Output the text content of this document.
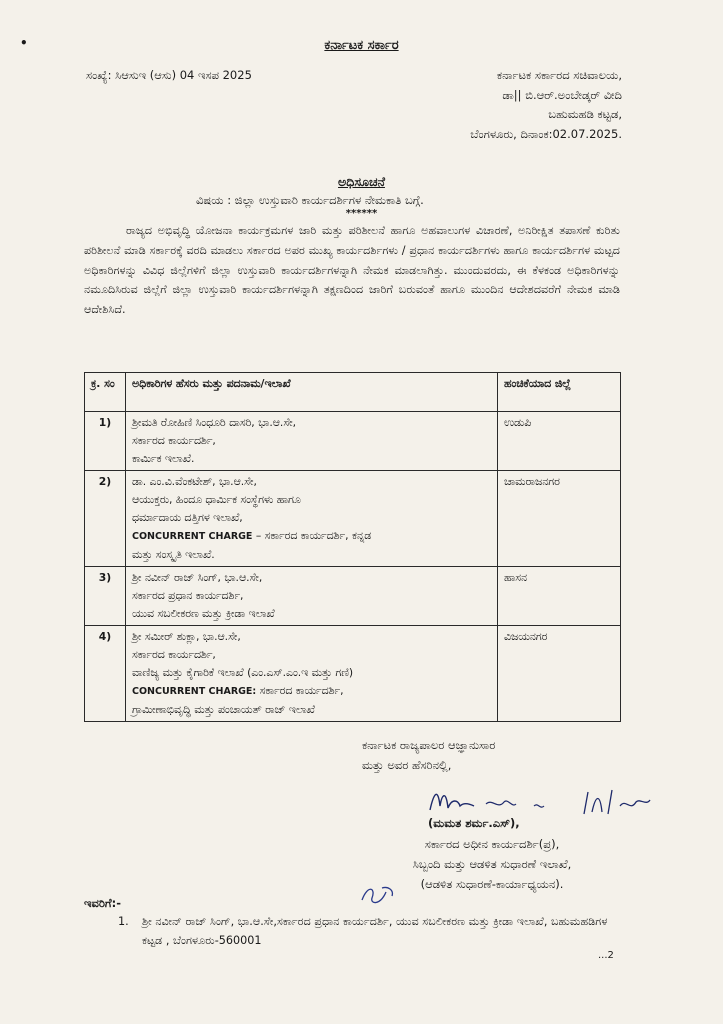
•	ಕರ್ನಾಟಕ ಸರ್ಕಾರ
ಸಂಖ್ಯೆ: ಸಿಆಸುಇ (ಆಸು) 04 ಇಸಪ 2025	ಕರ್ನಾಟಕ ಸರ್ಕಾರದ ಸಚಿವಾಲಯ,
ಡಾ|| ಬಿ.ಆರ್.ಅಂಬೇಡ್ಕರ್ ವೀದಿ
ಬಹುಮಹಡಿ ಕಟ್ಟಡ,
ಬೆಂಗಳೂರು, ದಿನಾಂಕ:02.07.2025.
ಅಧಿಸೂಚನೆ
ವಿಷಯ : ಜಿಲ್ಲಾ ಉಸ್ತುವಾರಿ ಕಾರ್ಯದರ್ಶಿಗಳ ನೇಮಕಾತಿ ಬಗ್ಗೆ.
******
ರಾಜ್ಯದ ಅಭಿವೃದ್ಧಿ ಯೋಜನಾ ಕಾರ್ಯಕ್ರಮಗಳ ಜಾರಿ ಮತ್ತು ಪರಿಶೀಲನೆ ಹಾಗೂ ಅಹವಾಲುಗಳ ವಿಚಾರಣೆ, ಅನಿರೀಕ್ಷಿತ ತಪಾಸಣೆ ಕುರಿತು ಪರಿಶೀಲನೆ ಮಾಡಿ ಸರ್ಕಾರಕ್ಕೆ ವರದಿ ಮಾಡಲು ಸರ್ಕಾರದ ಅಪರ ಮುಖ್ಯ ಕಾರ್ಯದರ್ಶಿಗಳು / ಪ್ರಧಾನ ಕಾರ್ಯದರ್ಶಿಗಳು ಹಾಗೂ ಕಾರ್ಯದರ್ಶಿಗಳ ಮಟ್ಟದ ಅಧಿಕಾರಿಗಳನ್ನು ವಿವಿಧ ಜಿಲ್ಲೆಗಳಿಗೆ ಜಿಲ್ಲಾ ಉಸ್ತುವಾರಿ ಕಾರ್ಯದರ್ಶಿಗಳನ್ನಾಗಿ ನೇಮಕ ಮಾಡಲಾಗಿತ್ತು. ಮುಂದುವರದು, ಈ ಕೆಳಕಂಡ ಅಧಿಕಾರಿಗಳನ್ನು ನಮೂದಿಸಿರುವ ಜಿಲ್ಲೆಗೆ ಜಿಲ್ಲಾ ಉಸ್ತುವಾರಿ ಕಾರ್ಯದರ್ಶಿಗಳನ್ನಾಗಿ ತಕ್ಷಣದಿಂದ ಜಾರಿಗೆ ಬರುವಂತೆ ಹಾಗೂ ಮುಂದಿನ ಆದೇಶದವರೆಗೆ ನೇಮಕ ಮಾಡಿ ಆದೇಶಿಸಿದೆ.
ಕ್ರ. ಸಂ	ಅಧಿಕಾರಿಗಳ ಹೆಸರು ಮತ್ತು ಪದನಾಮ/ಇಲಾಖೆ	ಹಂಚಿಕೆಯಾದ ಜಿಲ್ಲೆ
1)	ಶ್ರೀಮತಿ ರೋಹಿಣಿ ಸಿಂಧೂರಿ ದಾಸರಿ, ಭಾ.ಆ.ಸೇ,
ಸರ್ಕಾರದ ಕಾರ್ಯದರ್ಶಿ,
ಕಾರ್ಮಿಕ ಇಲಾಖೆ.	ಉಡುಪಿ
2)	ಡಾ. ಎಂ.ವಿ.ವೆಂಕಟೇಶ್, ಭಾ.ಆ.ಸೇ,
ಆಯುಕ್ತರು, ಹಿಂದೂ ಧಾರ್ಮಿಕ ಸಂಸ್ಥೆಗಳು ಹಾಗೂ
ಧರ್ಮಾದಾಯ ದತ್ತಿಗಳ ಇಲಾಖೆ,
CONCURRENT CHARGE – ಸರ್ಕಾರದ ಕಾರ್ಯದರ್ಶಿ, ಕನ್ನಡ
ಮತ್ತು ಸಂಸ್ಕೃತಿ ಇಲಾಖೆ.	ಚಾಮರಾಜನಗರ
3)	ಶ್ರೀ ನವೀನ್ ರಾಜ್ ಸಿಂಗ್, ಭಾ.ಆ.ಸೇ,
ಸರ್ಕಾರದ ಪ್ರಧಾನ ಕಾರ್ಯದರ್ಶಿ,
ಯುವ ಸಬಲೀಕರಣ ಮತ್ತು ಕ್ರೀಡಾ ಇಲಾಖೆ	ಹಾಸನ
4)	ಶ್ರೀ ಸಮೀರ್ ಶುಕ್ಲಾ, ಭಾ.ಆ.ಸೇ,
ಸರ್ಕಾರದ ಕಾರ್ಯದರ್ಶಿ,
ವಾಣಿಜ್ಯ ಮತ್ತು ಕೈಗಾರಿಕೆ ಇಲಾಖೆ (ಎಂ.ಎಸ್.ಎಂ.ಇ ಮತ್ತು ಗಣಿ)
CONCURRENT CHARGE: ಸರ್ಕಾರದ ಕಾರ್ಯದರ್ಶಿ,
ಗ್ರಾಮೀಣಾಭಿವೃದ್ಧಿ ಮತ್ತು ಪಂಚಾಯತ್ ರಾಜ್ ಇಲಾಖೆ	ವಿಜಯನಗರ
ಕರ್ನಾಟಕ ರಾಜ್ಯಪಾಲರ ಆಜ್ಞಾನುಸಾರ
ಮತ್ತು ಅವರ ಹೆಸರಿನಲ್ಲಿ,
(ಮಮತ ಶರ್ಮ.ಎಸ್),
ಸರ್ಕಾರದ ಅಧೀನ ಕಾರ್ಯದರ್ಶಿ(ಪ್ರ),
ಸಿಬ್ಬಂದಿ ಮತ್ತು ಆಡಳಿತ ಸುಧಾರಣೆ ಇಲಾಖೆ,
(ಆಡಳಿತ ಸುಧಾರಣೆ-ಕಾರ್ಯಾಧ್ಯಯನ).
ಇವರಿಗೆ:-
1.	ಶ್ರೀ ನವೀನ್ ರಾಜ್ ಸಿಂಗ್, ಭಾ.ಆ.ಸೇ,ಸರ್ಕಾರದ ಪ್ರಧಾನ ಕಾರ್ಯದರ್ಶಿ, ಯುವ ಸಬಲೀಕರಣ ಮತ್ತು ಕ್ರೀಡಾ ಇಲಾಖೆ, ಬಹುಮಹಡಿಗಳ ಕಟ್ಟಡ , ಬೆಂಗಳೂರು-560001
...2
